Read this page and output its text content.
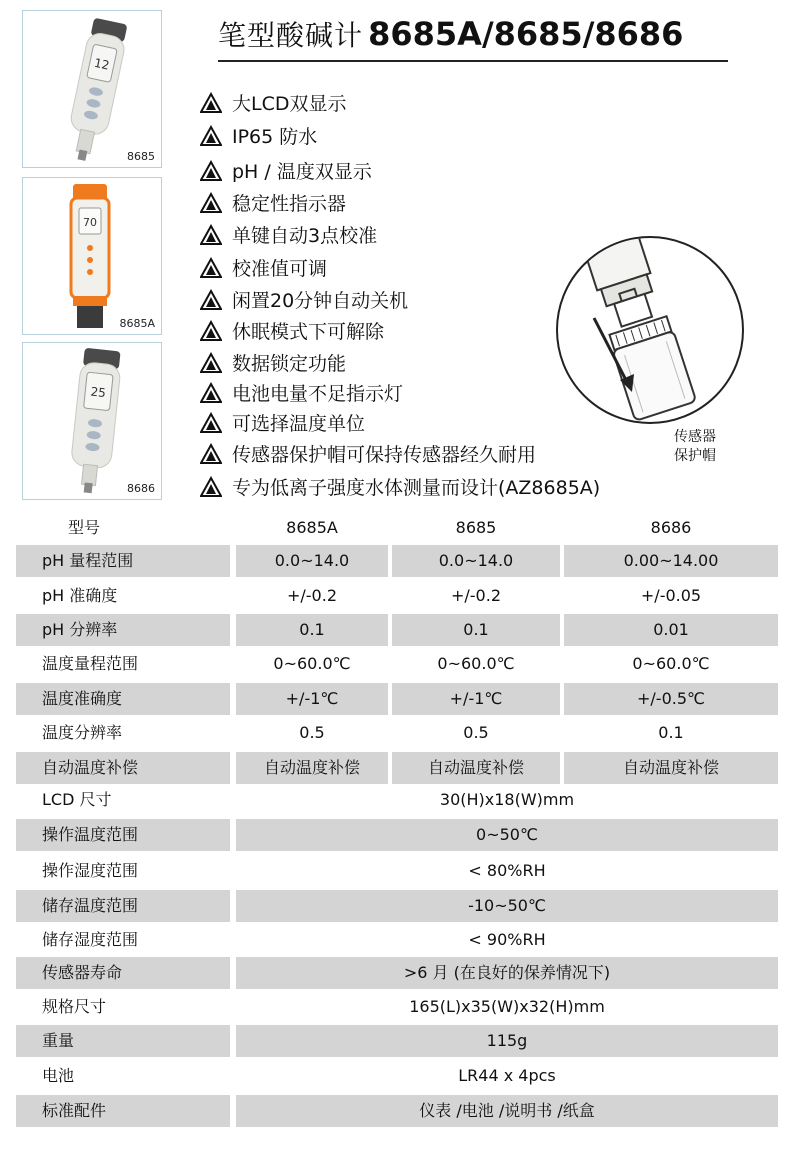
笔型酸碱计 8685A/8685/8686
12
8685
70
8685A
25
8686
大LCD双显示
IP65 防水
pH / 温度双显示
稳定性指示器
单键自动3点校准
校准值可调
闲置20分钟自动关机
休眠模式下可解除
数据锁定功能
电池电量不足指示灯
可选择温度单位
传感器保护帽可保持传感器经久耐用
专为低离子强度水体测量而设计(AZ8685A)
传感器
保护帽
型号	8685A	8685	8686
pH 量程范围	0.0~14.0	0.0~14.0	0.00~14.00
pH 准确度	+/-0.2	+/-0.2	+/-0.05
pH 分辨率	0.1	0.1	0.01
温度量程范围	0~60.0℃	0~60.0℃	0~60.0℃
温度准确度	+/-1℃	+/-1℃	+/-0.5℃
温度分辨率	0.5	0.5	0.1
自动温度补偿	自动温度补偿	自动温度补偿	自动温度补偿
LCD 尺寸	30(H)x18(W)mm
操作温度范围	0~50℃
操作湿度范围	< 80%RH
储存温度范围	-10~50℃
储存湿度范围	< 90%RH
传感器寿命	>6 月 (在良好的保养情况下)
规格尺寸	165(L)x35(W)x32(H)mm
重量	115g
电池	LR44 x 4pcs
标准配件	仪表 /电池 /说明书 /纸盒
